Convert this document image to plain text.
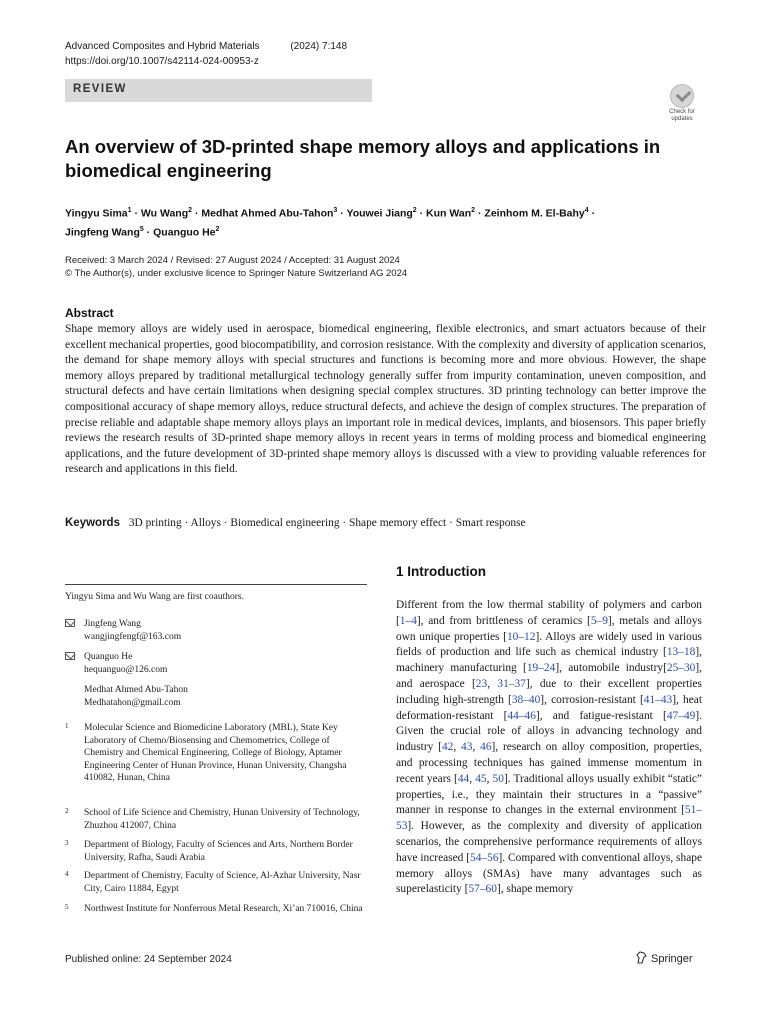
Advanced Composites and Hybrid Materials	(2024) 7:148
https://doi.org/10.1007/s42114-024-00953-z
REVIEW
Check for updates
An overview of 3D-printed shape memory alloys and applications in biomedical engineering
Yingyu Sima$^1$ · Wu Wang$^2$ · Medhat Ahmed Abu-Tahon$^3$ · Youwei Jiang$^2$ · Kun Wan$^2$ · Zeinhom M. El-Bahy$^4$ ·
Jingfeng Wang$^5$ · Quanguo He$^2$
Received: 3 March 2024 / Revised: 27 August 2024 / Accepted: 31 August 2024
© The Author(s), under exclusive licence to Springer Nature Switzerland AG 2024
Abstract
Shape memory alloys are widely used in aerospace, biomedical engineering, flexible electronics, and smart actuators because of their excellent mechanical properties, good biocompatibility, and corrosion resistance. With the complexity and diversity of application scenarios, the demand for shape memory alloys with special structures and functions is becoming more and more obvious. However, the shape memory alloys prepared by traditional metallurgical technology generally suffer from impurity contamination, uneven composition, and structural defects and have certain limitations when designing special complex structures. 3D printing technology can better improve the compositional accuracy of shape memory alloys, reduce structural defects, and achieve the design of complex structures. The preparation of precise reliable and adaptable shape memory alloys plays an important role in medical devices, implants, and biosensors. This paper briefly reviews the research results of 3D-printed shape memory alloys in recent years in terms of molding process and biomedical engineering applications, and the future development of 3D-printed shape memory alloys is discussed with a view to providing valuable references for research and applications in this field.
Keywords 3D printing · Alloys · Biomedical engineering · Shape memory effect · Smart response
Yingyu Sima and Wu Wang are first coauthors.
Jingfeng Wang
wangjingfengf@163.com
Quanguo He
hequanguo@126.com
Medhat Ahmed Abu-Tahon
Medhatahon@gmail.com
1 Molecular Science and Biomedicine Laboratory (MBL), State Key Laboratory of Chemo/Biosensing and Chemometrics, College of Chemistry and Chemical Engineering, College of Biology, Aptamer Engineering Center of Hunan Province, Hunan University, Changsha 410082, Hunan, China
2 School of Life Science and Chemistry, Hunan University of Technology, Zhuzhou 412007, China
3 Department of Biology, Faculty of Sciences and Arts, Northern Border University, Rafha, Saudi Arabia
4 Department of Chemistry, Faculty of Science, Al-Azhar University, Nasr City, Cairo 11884, Egypt
5 Northwest Institute for Nonferrous Metal Research, Xi’an 710016, China
1 Introduction
Different from the low thermal stability of polymers and carbon [1–4], and from brittleness of ceramics [5–9], metals and alloys own unique properties [10–12]. Alloys are widely used in various fields of production and life such as chemical industry [13–18], machinery manufacturing [19–24], automobile industry[25–30], and aerospace [23, 31–37], due to their excellent properties including high-strength [38–40], corrosion-resistant [41–43], heat deformation-resistant [44–46], and fatigue-resistant [47–49]. Given the crucial role of alloys in advancing technology and industry [42, 43, 46], research on alloy composition, properties, and processing techniques has gained immense momentum in recent years [44, 45, 50]. Traditional alloys usually exhibit “static” properties, i.e., they maintain their structures in a “passive” manner in response to changes in the external environment [51–53]. However, as the complexity and diversity of application scenarios, the comprehensive performance requirements of alloys have increased [54–56]. Compared with conventional alloys, shape memory alloys (SMAs) have many advantages such as superelasticity [57–60], shape memory
Published online: 24 September 2024	Springer
